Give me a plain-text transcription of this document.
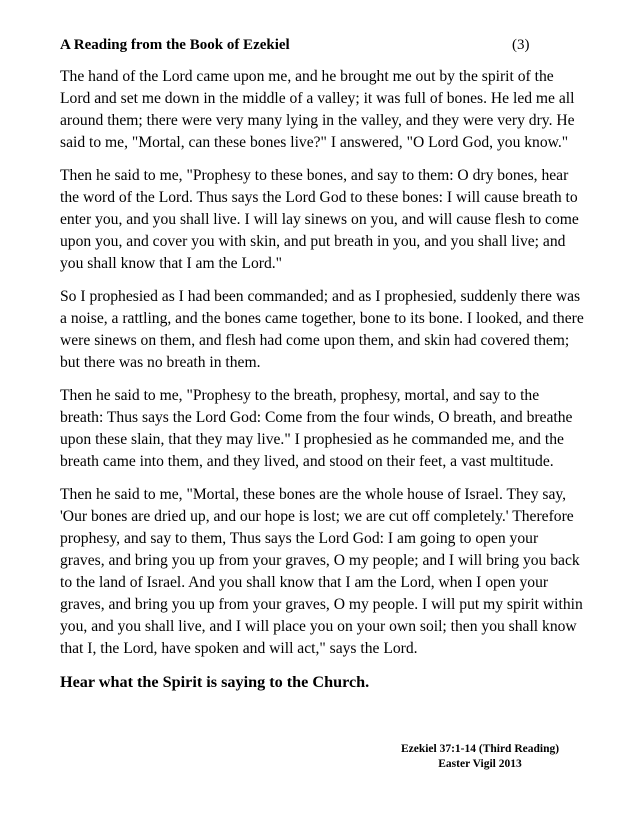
A Reading from the Book of Ezekiel	(3)

The hand of the Lord came upon me, and he brought me out by the spirit of the Lord and set me down in the middle of a valley; it was full of bones. He led me all around them; there were very many lying in the valley, and they were very dry. He said to me, "Mortal, can these bones live?" I answered, "O Lord God, you know."

Then he said to me, "Prophesy to these bones, and say to them: O dry bones, hear the word of the Lord. Thus says the Lord God to these bones: I will cause breath to enter you, and you shall live. I will lay sinews on you, and will cause flesh to come upon you, and cover you with skin, and put breath in you, and you shall live; and you shall know that I am the Lord."

So I prophesied as I had been commanded; and as I prophesied, suddenly there was a noise, a rattling, and the bones came together, bone to its bone. I looked, and there were sinews on them, and flesh had come upon them, and skin had covered them; but there was no breath in them.

Then he said to me, "Prophesy to the breath, prophesy, mortal, and say to the breath: Thus says the Lord God: Come from the four winds, O breath, and breathe upon these slain, that they may live." I prophesied as he commanded me, and the breath came into them, and they lived, and stood on their feet, a vast multitude.

Then he said to me, "Mortal, these bones are the whole house of Israel. They say, 'Our bones are dried up, and our hope is lost; we are cut off completely.' Therefore prophesy, and say to them, Thus says the Lord God: I am going to open your graves, and bring you up from your graves, O my people; and I will bring you back to the land of Israel. And you shall know that I am the Lord, when I open your graves, and bring you up from your graves, O my people. I will put my spirit within you, and you shall live, and I will place you on your own soil; then you shall know that I, the Lord, have spoken and will act," says the Lord.

Hear what the Spirit is saying to the Church.
Ezekiel 37:1-14 (Third Reading)
Easter Vigil 2013
